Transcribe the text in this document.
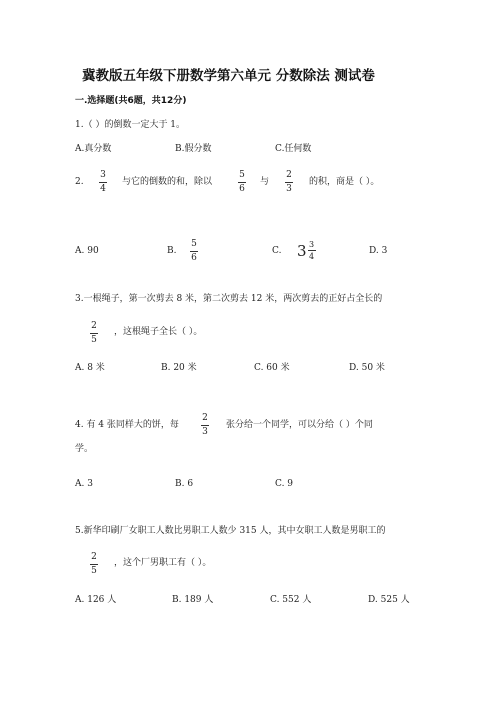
冀教版五年级下册数学第六单元 分数除法 测试卷
一.选择题(共6题，共12分)
1.（ ）的倒数一定大于 1。
A.真分数	B.假分数	C.任何数
2.
3
4
与它的倒数的和，除以
5
6
与
2
3
的积，商是（ ）。
A. 90	B.
5
6
C. $3 \frac{3}{4}$	D. 3
3.一根绳子，第一次剪去 8 米，第二次剪去 12 米，两次剪去的正好占全长的
2
5
，这根绳子全长（ ）。
A. 8 米	B. 20 米	C. 60 米	D. 50 米
4. 有 4 张同样大的饼，每
2
3
张分给一个同学，可以分给（ ）个同
学。
A. 3	B. 6	C. 9
5.新华印刷厂女职工人数比男职工人数少 315 人，其中女职工人数是男职工的
2
5
，这个厂男职工有（ ）。
A. 126 人	B. 189 人	C. 552 人	D. 525 人
